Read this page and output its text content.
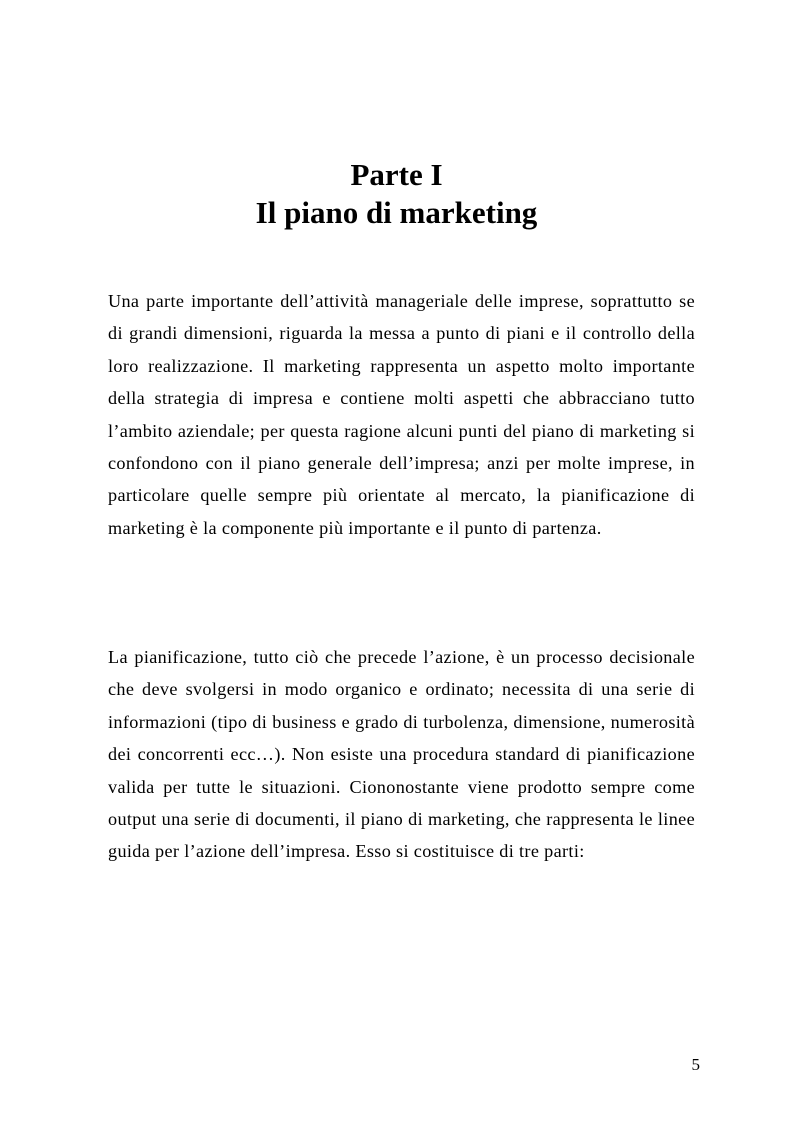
Parte I
Il piano di marketing

Una parte importante dell’attività manageriale delle imprese, soprattutto se di grandi dimensioni, riguarda la messa a punto di piani e il controllo della loro realizzazione. Il marketing rappresenta un aspetto molto importante della strategia di impresa e contiene molti aspetti che abbracciano tutto l’ambito aziendale; per questa ragione alcuni punti del piano di marketing si confondono con il piano generale dell’impresa; anzi per molte imprese, in particolare quelle sempre più orientate al mercato, la pianificazione di marketing è la componente più importante e il punto di partenza.

La pianificazione, tutto ciò che precede l’azione, è un processo decisionale che deve svolgersi in modo organico e ordinato; necessita di una serie di informazioni (tipo di business e grado di turbolenza, dimensione, numerosità dei concorrenti ecc…). Non esiste una procedura standard di pianificazione valida per tutte le situazioni. Ciononostante viene prodotto sempre come output una serie di documenti, il piano di marketing, che rappresenta le linee guida per l’azione dell’impresa. Esso si costituisce di tre parti:

5
